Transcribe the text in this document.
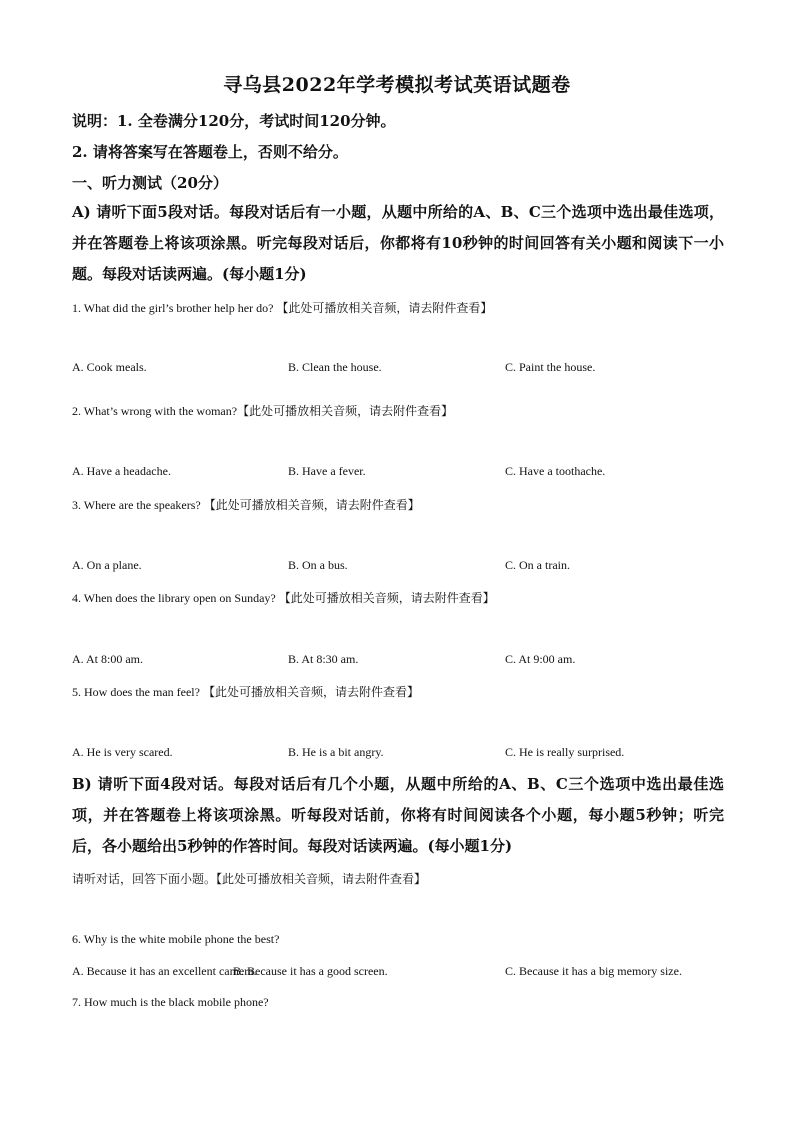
寻乌县2022年学考模拟考试英语试题卷
说明：1. 全卷满分120分，考试时间120分钟。
2. 请将答案写在答题卷上，否则不给分。
一、听力测试（20分）
A) 请听下面5段对话。每段对话后有一小题，从题中所给的A、B、C三个选项中选出最佳选项，并在答题卷上将该项涂黑。听完每段对话后，你都将有10秒钟的时间回答有关小题和阅读下一小题。每段对话读两遍。(每小题1分)
1. What did the girl’s brother help her do? 【此处可播放相关音频，请去附件查看】
A. Cook meals.	B. Clean the house.	C. Paint the house.
2. What’s wrong with the woman?【此处可播放相关音频，请去附件查看】
A. Have a headache.	B. Have a fever.	C. Have a toothache.
3. Where are the speakers? 【此处可播放相关音频，请去附件查看】
A. On a plane.	B. On a bus.	C. On a train.
4. When does the library open on Sunday? 【此处可播放相关音频，请去附件查看】
A. At 8:00 am.	B. At 8:30 am.	C. At 9:00 am.
5. How does the man feel? 【此处可播放相关音频，请去附件查看】
A. He is very scared.	B. He is a bit angry.	C. He is really surprised.
B) 请听下面4段对话。每段对话后有几个小题，从题中所给的A、B、C三个选项中选出最佳选项，并在答题卷上将该项涂黑。听每段对话前，你将有时间阅读各个小题，每小题5秒钟；听完后，各小题给出5秒钟的作答时间。每段对话读两遍。(每小题1分)
请听对话，回答下面小题。【此处可播放相关音频，请去附件查看】
6. Why is the white mobile phone the best?
A. Because it has an excellent camera.
B. Because it has a good screen.	C. Because it has a big memory size.
7. How much is the black mobile phone?
